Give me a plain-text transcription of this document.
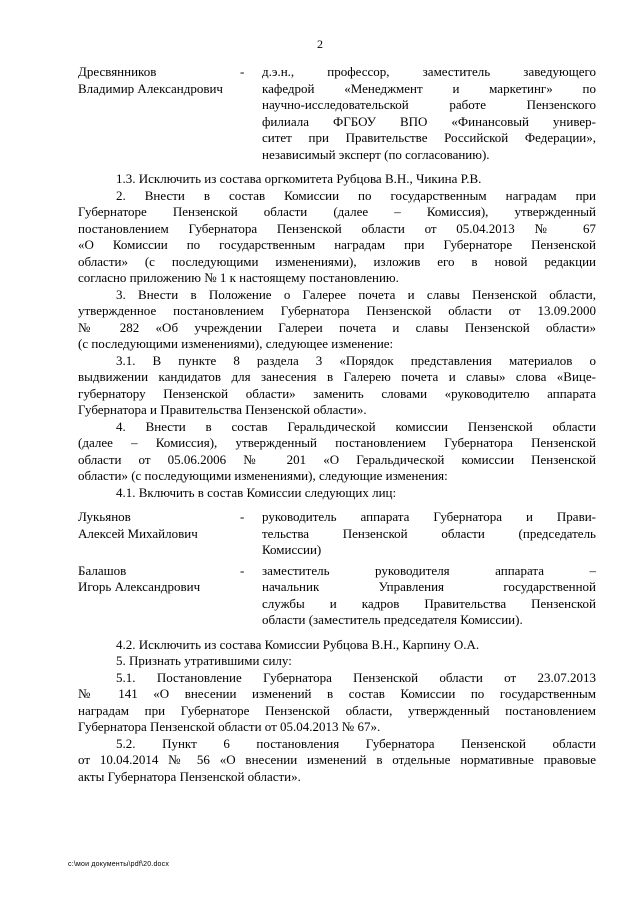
2
Дресвянников
Владимир Александрович
-	д.э.н., профессор, заместитель заведующего
кафедрой «Менеджмент и маркетинг» по
научно-исследовательской работе Пензенского
филиала ФГБОУ ВПО «Финансовый универ-
ситет при Правительстве Российской Федерации»,
независимый эксперт (по согласованию).

1.3. Исключить из состава оргкомитета Рубцова В.Н., Чикина Р.В.

2. Внести в состав Комиссии по государственным наградам при
Губернаторе Пензенской области (далее – Комиссия), утвержденный
постановлением Губернатора Пензенской области от 05.04.2013 № 67
«О Комиссии по государственным наградам при Губернаторе Пензенской
области» (с последующими изменениями), изложив его в новой редакции
согласно приложению № 1 к настоящему постановлению.

3. Внести в Положение о Галерее почета и славы Пензенской области,
утвержденное постановлением Губернатора Пензенской области от 13.09.2000
№ 282 «Об учреждении Галереи почета и славы Пензенской области»
(с последующими изменениями), следующее изменение:

3.1. В пункте 8 раздела 3 «Порядок представления материалов о
выдвижении кандидатов для занесения в Галерею почета и славы» слова «Вице-
губернатору Пензенской области» заменить словами «руководителю аппарата
Губернатора и Правительства Пензенской области».

4. Внести в состав Геральдической комиссии Пензенской области
(далее – Комиссия), утвержденный постановлением Губернатора Пензенской
области от 05.06.2006 № 201 «О Геральдической комиссии Пензенской
области» (с последующими изменениями), следующие изменения:

4.1. Включить в состав Комиссии следующих лиц:

Лукьянов
Алексей Михайлович
-	руководитель аппарата Губернатора и Прави-
тельства Пензенской области (председатель
Комиссии)
Балашов
Игорь Александрович
-	заместитель руководителя аппарата –
начальник Управления государственной
службы и кадров Правительства Пензенской
области (заместитель председателя Комиссии).

4.2. Исключить из состава Комиссии Рубцова В.Н., Карпину О.А.

5. Признать утратившими силу:

5.1. Постановление Губернатора Пензенской области от 23.07.2013
№ 141 «О внесении изменений в состав Комиссии по государственным
наградам при Губернаторе Пензенской области, утвержденный постановлением
Губернатора Пензенской области от 05.04.2013 № 67».

5.2. Пункт 6 постановления Губернатора Пензенской области
от 10.04.2014 № 56 «О внесении изменений в отдельные нормативные правовые
акты Губернатора Пензенской области».

c:\мои документы\pdf\20.docx
